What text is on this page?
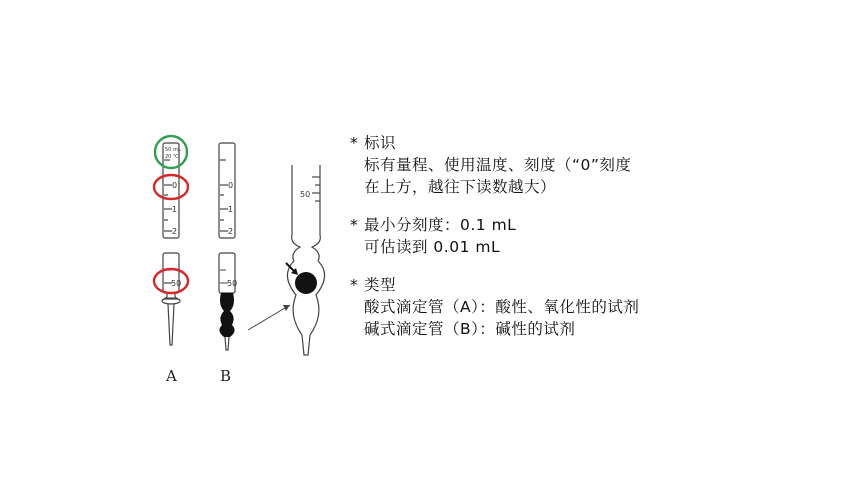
50 mL
20 ℃
0
1
2
50
0
1
2
50
50
A	B
* 标识
标有量程、使用温度、刻度（“0”刻度
在上方，越往下读数越大）
* 最小分刻度：0.1 mL
可估读到 0.01 mL
* 类型
酸式滴定管（A）：酸性、氧化性的试剂
碱式滴定管（B）：碱性的试剂
